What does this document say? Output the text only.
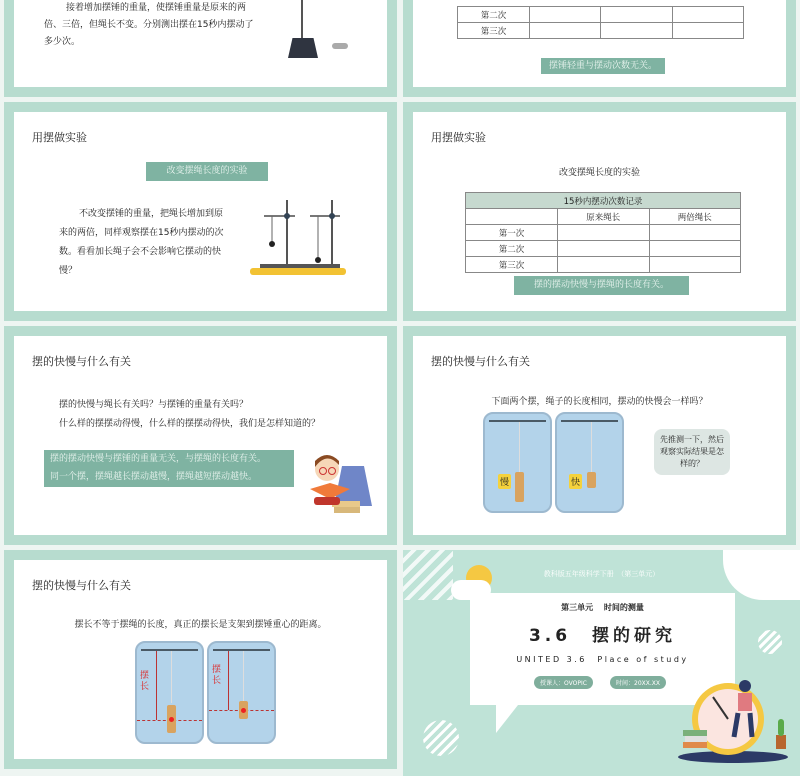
接着增加摆锤的重量，使摆锤重量是原来的两倍、三倍，但绳长不变。分别测出摆在15秒内摆动了多少次。
第二次			
第三次			
摆锤轻重与摆动次数无关。
用摆做实验
改变摆绳长度的实验
不改变摆锤的重量，把绳长增加到原来的两倍，同样观察摆在15秒内摆动的次数。看看加长绳子会不会影响它摆动的快慢？
用摆做实验
改变摆绳长度的实验
15秒内摆动次数记录		
	原来绳长	两倍绳长
第一次		
第二次		
第三次		
摆的摆动快慢与摆绳的长度有关。
摆的快慢与什么有关
摆的快慢与绳长有关吗？与摆锤的重量有关吗？
什么样的摆摆动得慢，什么样的摆摆动得快，我们是怎样知道的？
摆的摆动快慢与摆锤的重量无关，与摆绳的长度有关。
同一个摆，摆绳越长摆动越慢，摆绳越短摆动越快。
摆的快慢与什么有关
下面两个摆，绳子的长度相同，摆动的快慢会一样吗？
慢	快
先推测一下，然后观察实际结果是怎样的？
摆的快慢与什么有关
摆长不等于摆绳的长度，真正的摆长是支架到摆锤重心的距离。
摆长
摆长
教科版五年级科学下册　（第三单元）
第三单元　 时间的测量
3.6　摆的研究
UNITED 3.6　Place of study
授课人：OVOPIC	时间：20XX.XX
